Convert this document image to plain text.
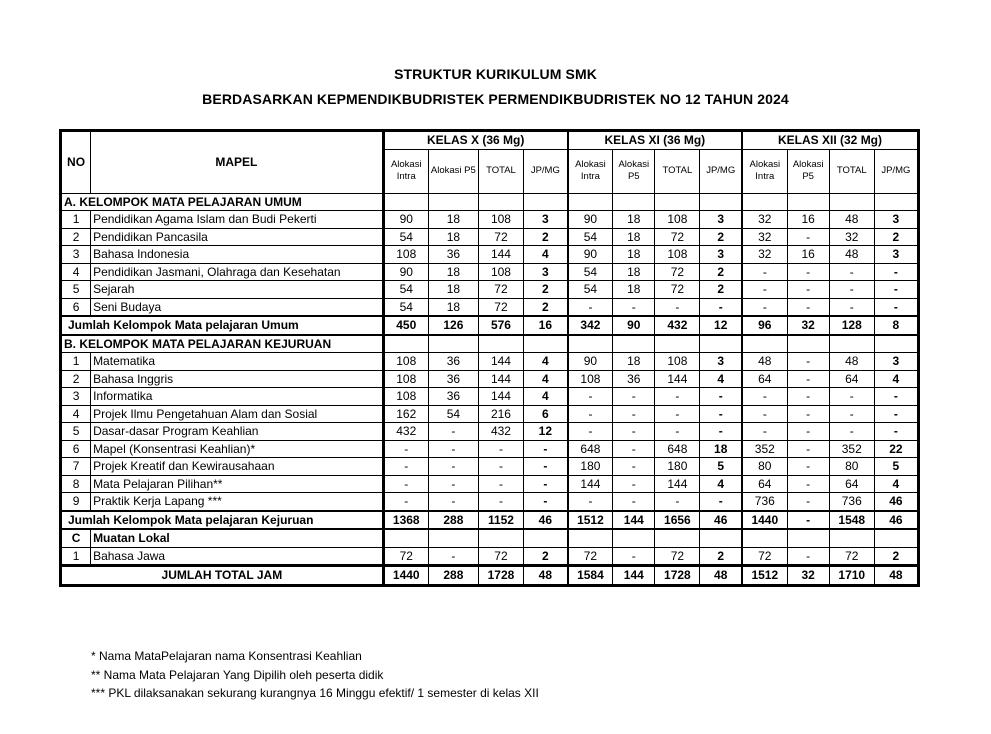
STRUKTUR KURIKULUM SMK
BERDASARKAN KEPMENDIKBUDRISTEK PERMENDIKBUDRISTEK NO 12 TAHUN 2024
NO	MAPEL	KELAS X (36 Mg)				KELAS XI (36 Mg)				KELAS XII (32 Mg)			
		Alokasi Intra	Alokasi P5	TOTAL	JP/MG	Alokasi Intra	Alokasi P5	TOTAL	JP/MG	Alokasi Intra	Alokasi P5	TOTAL	JP/MG
A. KELOMPOK MATA PELAJARAN UMUM													
1	Pendidikan Agama Islam dan Budi Pekerti	90	18	108	3	90	18	108	3	32	16	48	3
2	Pendidikan Pancasila	54	18	72	2	54	18	72	2	32	-	32	2
3	Bahasa Indonesia	108	36	144	4	90	18	108	3	32	16	48	3
4	Pendidikan Jasmani, Olahraga dan Kesehatan	90	18	108	3	54	18	72	2	-	-	-	-
5	Sejarah	54	18	72	2	54	18	72	2	-	-	-	-
6	Seni Budaya	54	18	72	2	-	-	-	-	-	-	-	-
Jumlah Kelompok Mata pelajaran Umum		450	126	576	16	342	90	432	12	96	32	128	8
B. KELOMPOK MATA PELAJARAN KEJURUAN													
1	Matematika	108	36	144	4	90	18	108	3	48	-	48	3
2	Bahasa Inggris	108	36	144	4	108	36	144	4	64	-	64	4
3	Informatika	108	36	144	4	-	-	-	-	-	-	-	-
4	Projek Ilmu Pengetahuan Alam dan Sosial	162	54	216	6	-	-	-	-	-	-	-	-
5	Dasar-dasar Program Keahlian	432	-	432	12	-	-	-	-	-	-	-	-
6	Mapel (Konsentrasi Keahlian)*	-	-	-	-	648	-	648	18	352	-	352	22
7	Projek Kreatif dan Kewirausahaan	-	-	-	-	180	-	180	5	80	-	80	5
8	Mata Pelajaran Pilihan**	-	-	-	-	144	-	144	4	64	-	64	4
9	Praktik Kerja Lapang ***	-	-	-	-	-	-	-	-	736	-	736	46
Jumlah Kelompok Mata pelajaran Kejuruan		1368	288	1152	46	1512	144	1656	46	1440	-	1548	46
C	Muatan Lokal												
1	Bahasa Jawa	72	-	72	2	72	-	72	2	72	-	72	2
JUMLAH TOTAL JAM		1440	288	1728	48	1584	144	1728	48	1512	32	1710	48
* Nama MataPelajaran nama Konsentrasi Keahlian
** Nama Mata Pelajaran Yang Dipilih oleh peserta didik
*** PKL dilaksanakan sekurang kurangnya 16 Minggu efektif/ 1 semester di kelas XII
